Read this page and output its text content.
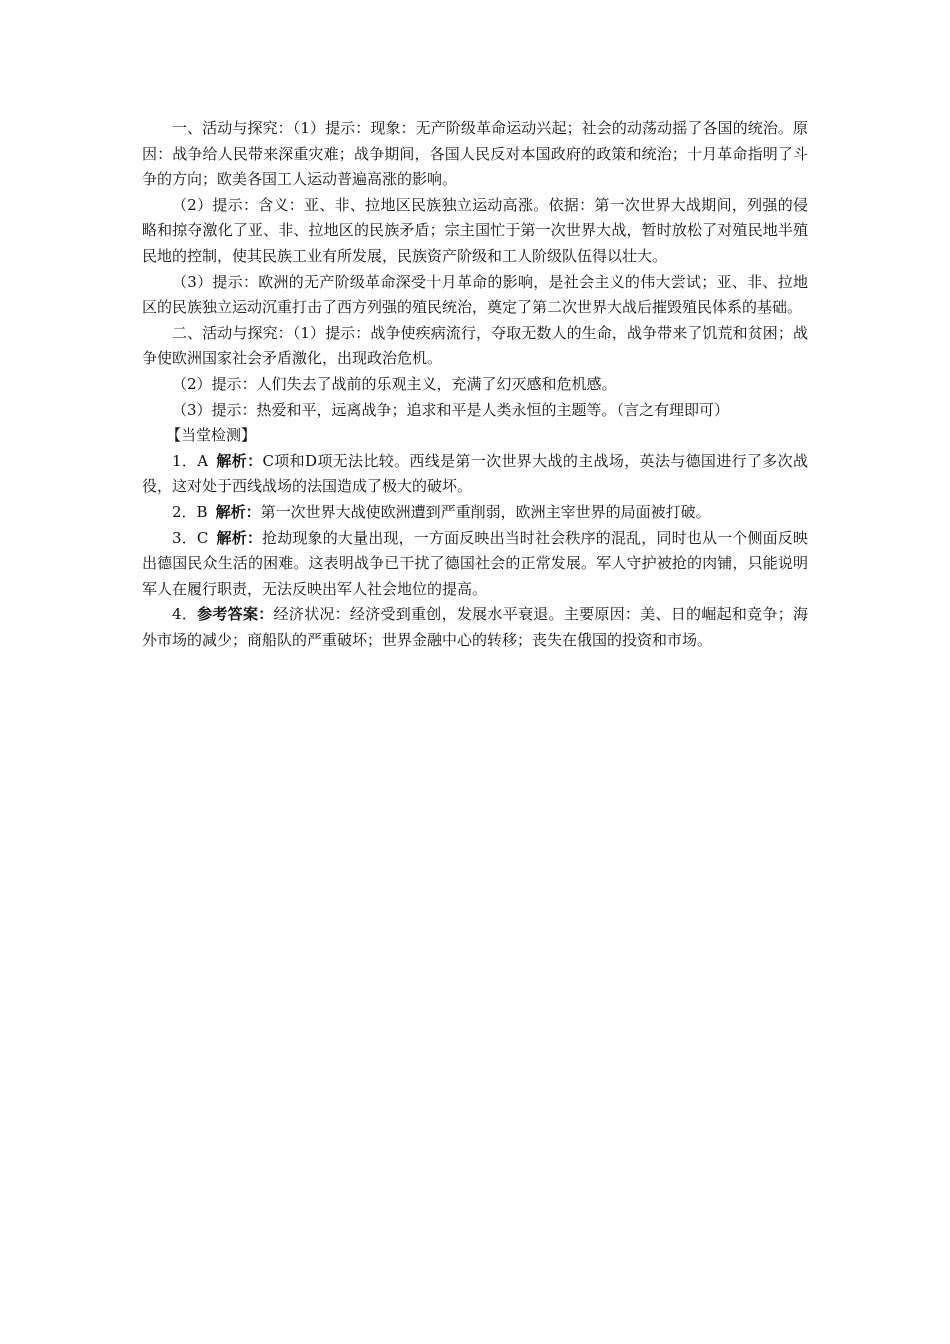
一、活动与探究：（1）提示：现象：无产阶级革命运动兴起；社会的动荡动摇了各国的统治。原因：战争给人民带来深重灾难；战争期间，各国人民反对本国政府的政策和统治；十月革命指明了斗争的方向；欧美各国工人运动普遍高涨的影响。

（2）提示：含义：亚、非、拉地区民族独立运动高涨。依据：第一次世界大战期间，列强的侵略和掠夺激化了亚、非、拉地区的民族矛盾；宗主国忙于第一次世界大战，暂时放松了对殖民地半殖民地的控制，使其民族工业有所发展，民族资产阶级和工人阶级队伍得以壮大。

（3）提示：欧洲的无产阶级革命深受十月革命的影响，是社会主义的伟大尝试；亚、非、拉地区的民族独立运动沉重打击了西方列强的殖民统治，奠定了第二次世界大战后摧毁殖民体系的基础。

二、活动与探究：（1）提示：战争使疾病流行，夺取无数人的生命，战争带来了饥荒和贫困；战争使欧洲国家社会矛盾激化，出现政治危机。

（2）提示：人们失去了战前的乐观主义，充满了幻灭感和危机感。

（3）提示：热爱和平，远离战争；追求和平是人类永恒的主题等。（言之有理即可）

【当堂检测】

1．A 解析：C项和D项无法比较。西线是第一次世界大战的主战场，英法与德国进行了多次战役，这对处于西线战场的法国造成了极大的破坏。

2．B 解析：第一次世界大战使欧洲遭到严重削弱，欧洲主宰世界的局面被打破。

3．C 解析：抢劫现象的大量出现，一方面反映出当时社会秩序的混乱，同时也从一个侧面反映出德国民众生活的困难。这表明战争已干扰了德国社会的正常发展。军人守护被抢的肉铺，只能说明军人在履行职责，无法反映出军人社会地位的提高。

4．参考答案：经济状况：经济受到重创，发展水平衰退。主要原因：美、日的崛起和竞争；海外市场的减少；商船队的严重破坏；世界金融中心的转移；丧失在俄国的投资和市场。
